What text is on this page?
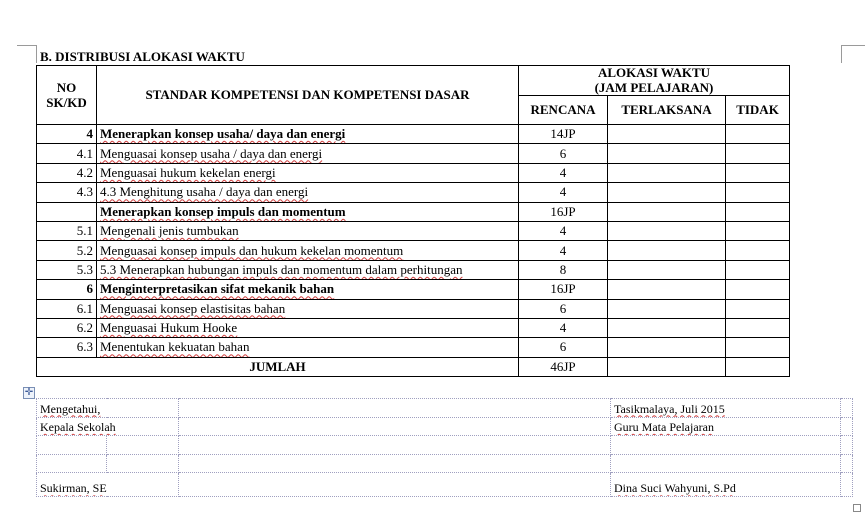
B. DISTRIBUSI ALOKASI WAKTU
NO
SK/KD	STANDAR KOMPETENSI DAN KOMPETENSI DASAR	ALOKASI WAKTU		
		(JAM PELAJARAN)		
		RENCANA	TERLAKSANA	TIDAK
4	Menerapkan konsep usaha/ daya dan energi	14JP		
4.1	Menguasai konsep usaha / daya dan energi	6		
4.2	Menguasai hukum kekelan energi	4		
4.3	4.3 Menghitung usaha / daya dan energi	4		
	Menerapkan konsep impuls dan momentum	16JP		
5.1	Mengenali jenis tumbukan	4		
5.2	Menguasai konsep impuls dan hukum kekelan momentum	4		
5.3	5.3 Menerapkan hubungan impuls dan momentum dalam perhitungan	8		
6	Menginterpretasikan sifat mekanik bahan	16JP		
6.1	Menguasai konsep elastisitas bahan	6		
6.2	Menguasai Hukum Hooke	4		
6.3	Menentukan kekuatan bahan	6		
JUMLAH		46JP		
✛
Mengetahui,			Tasikmalaya, Juli 2015	
Kepala Sekolah			Guru Mata Pelajaran	

Sukirman, SE			Dina Suci Wahyuni, S.Pd	
